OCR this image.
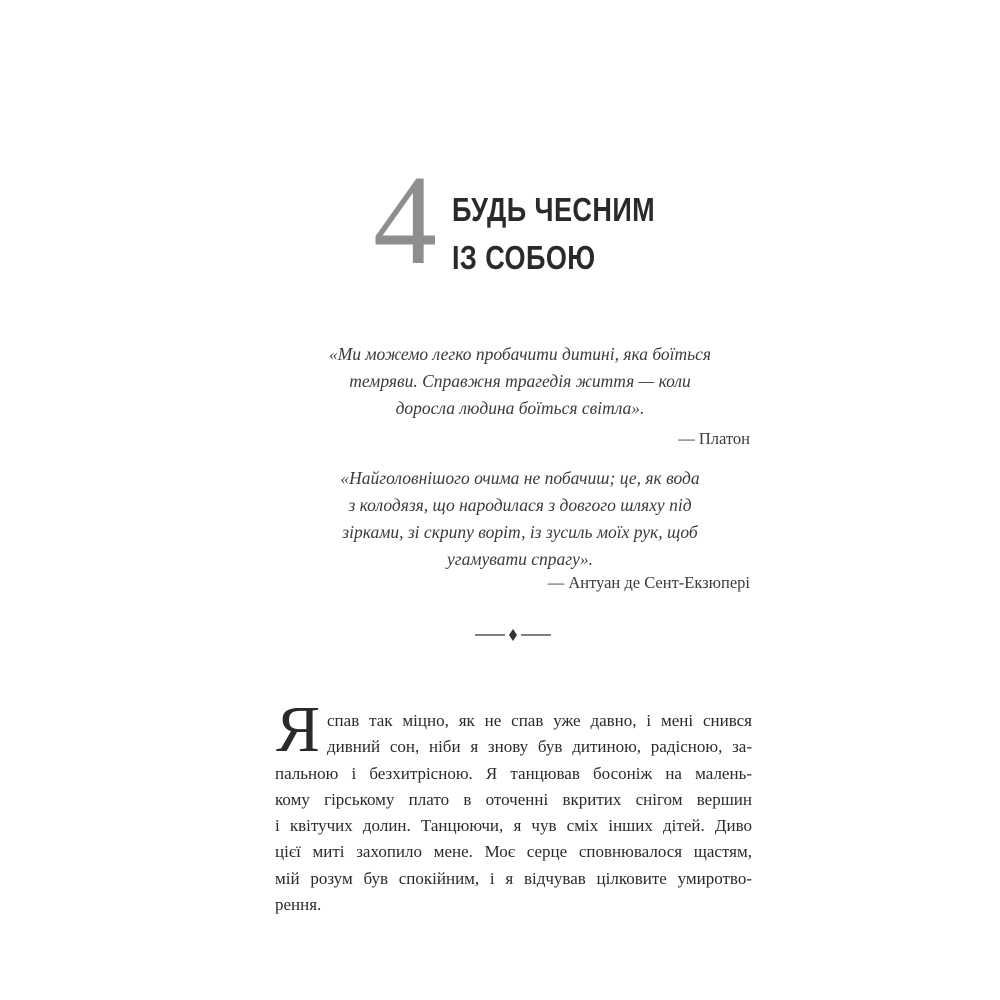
4 БУДЬ ЧЕСНИМ
ІЗ СОБОЮ
«Ми можемо легко пробачити дитині, яка боїться
темряви. Справжня трагедія життя — коли
доросла людина боїться світла».
— Платон
«Найголовнішого очима не побачиш; це, як вода
з колодязя, що народилася з довгого шляху під
зірками, зі скрипу воріт, із зусиль моїх рук, щоб
угамувати спрагу».
— Антуан де Сент-Екзюпері
Я спав так міцно, як не спав уже давно, і мені снився
дивний сон, ніби я знову був дитиною, радісною, за-
пальною і безхитрісною. Я танцював босоніж на малень-
кому гірському плато в оточенні вкритих снігом вершин
і квітучих долин. Танцюючи, я чув сміх інших дітей. Диво
цієї миті захопило мене. Моє серце сповнювалося щастям,
мій розум був спокійним, і я відчував цілковите умиротво-
рення.
